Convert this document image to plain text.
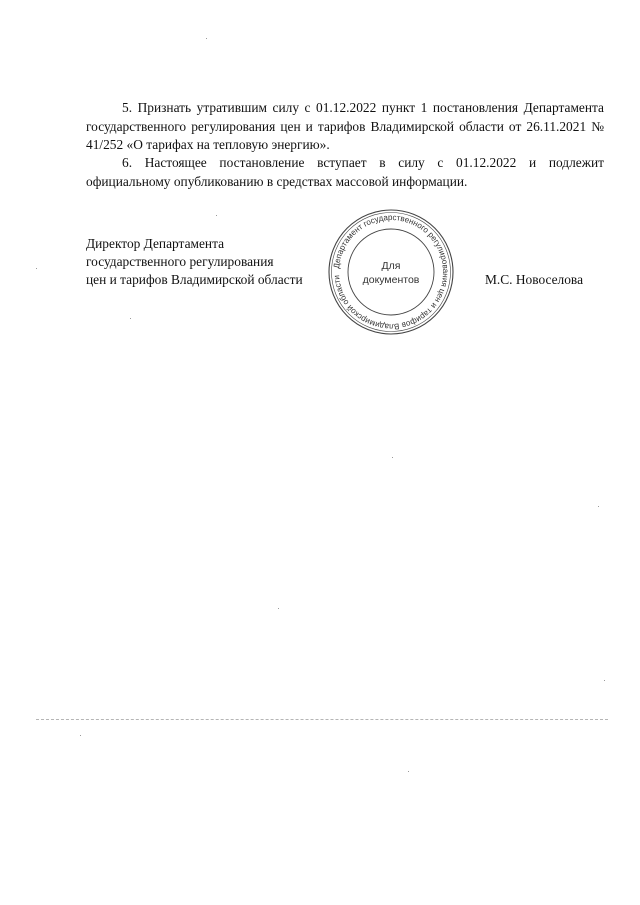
5. Признать утратившим силу с 01.12.2022 пункт 1 постановления Департамента государственного регулирования цен и тарифов Владимирской области от 26.11.2021 № 41/252 «О тарифах на тепловую энергию».

6. Настоящее постановление вступает в силу с 01.12.2022 и подлежит официальному опубликованию в средствах массовой информации.

Директор Департамента
государственного регулирования
цен и тарифов Владимирской области
Департамент государственного регулирования цен и тарифов Владимирской области
Для
документов	М.С. Новоселова
